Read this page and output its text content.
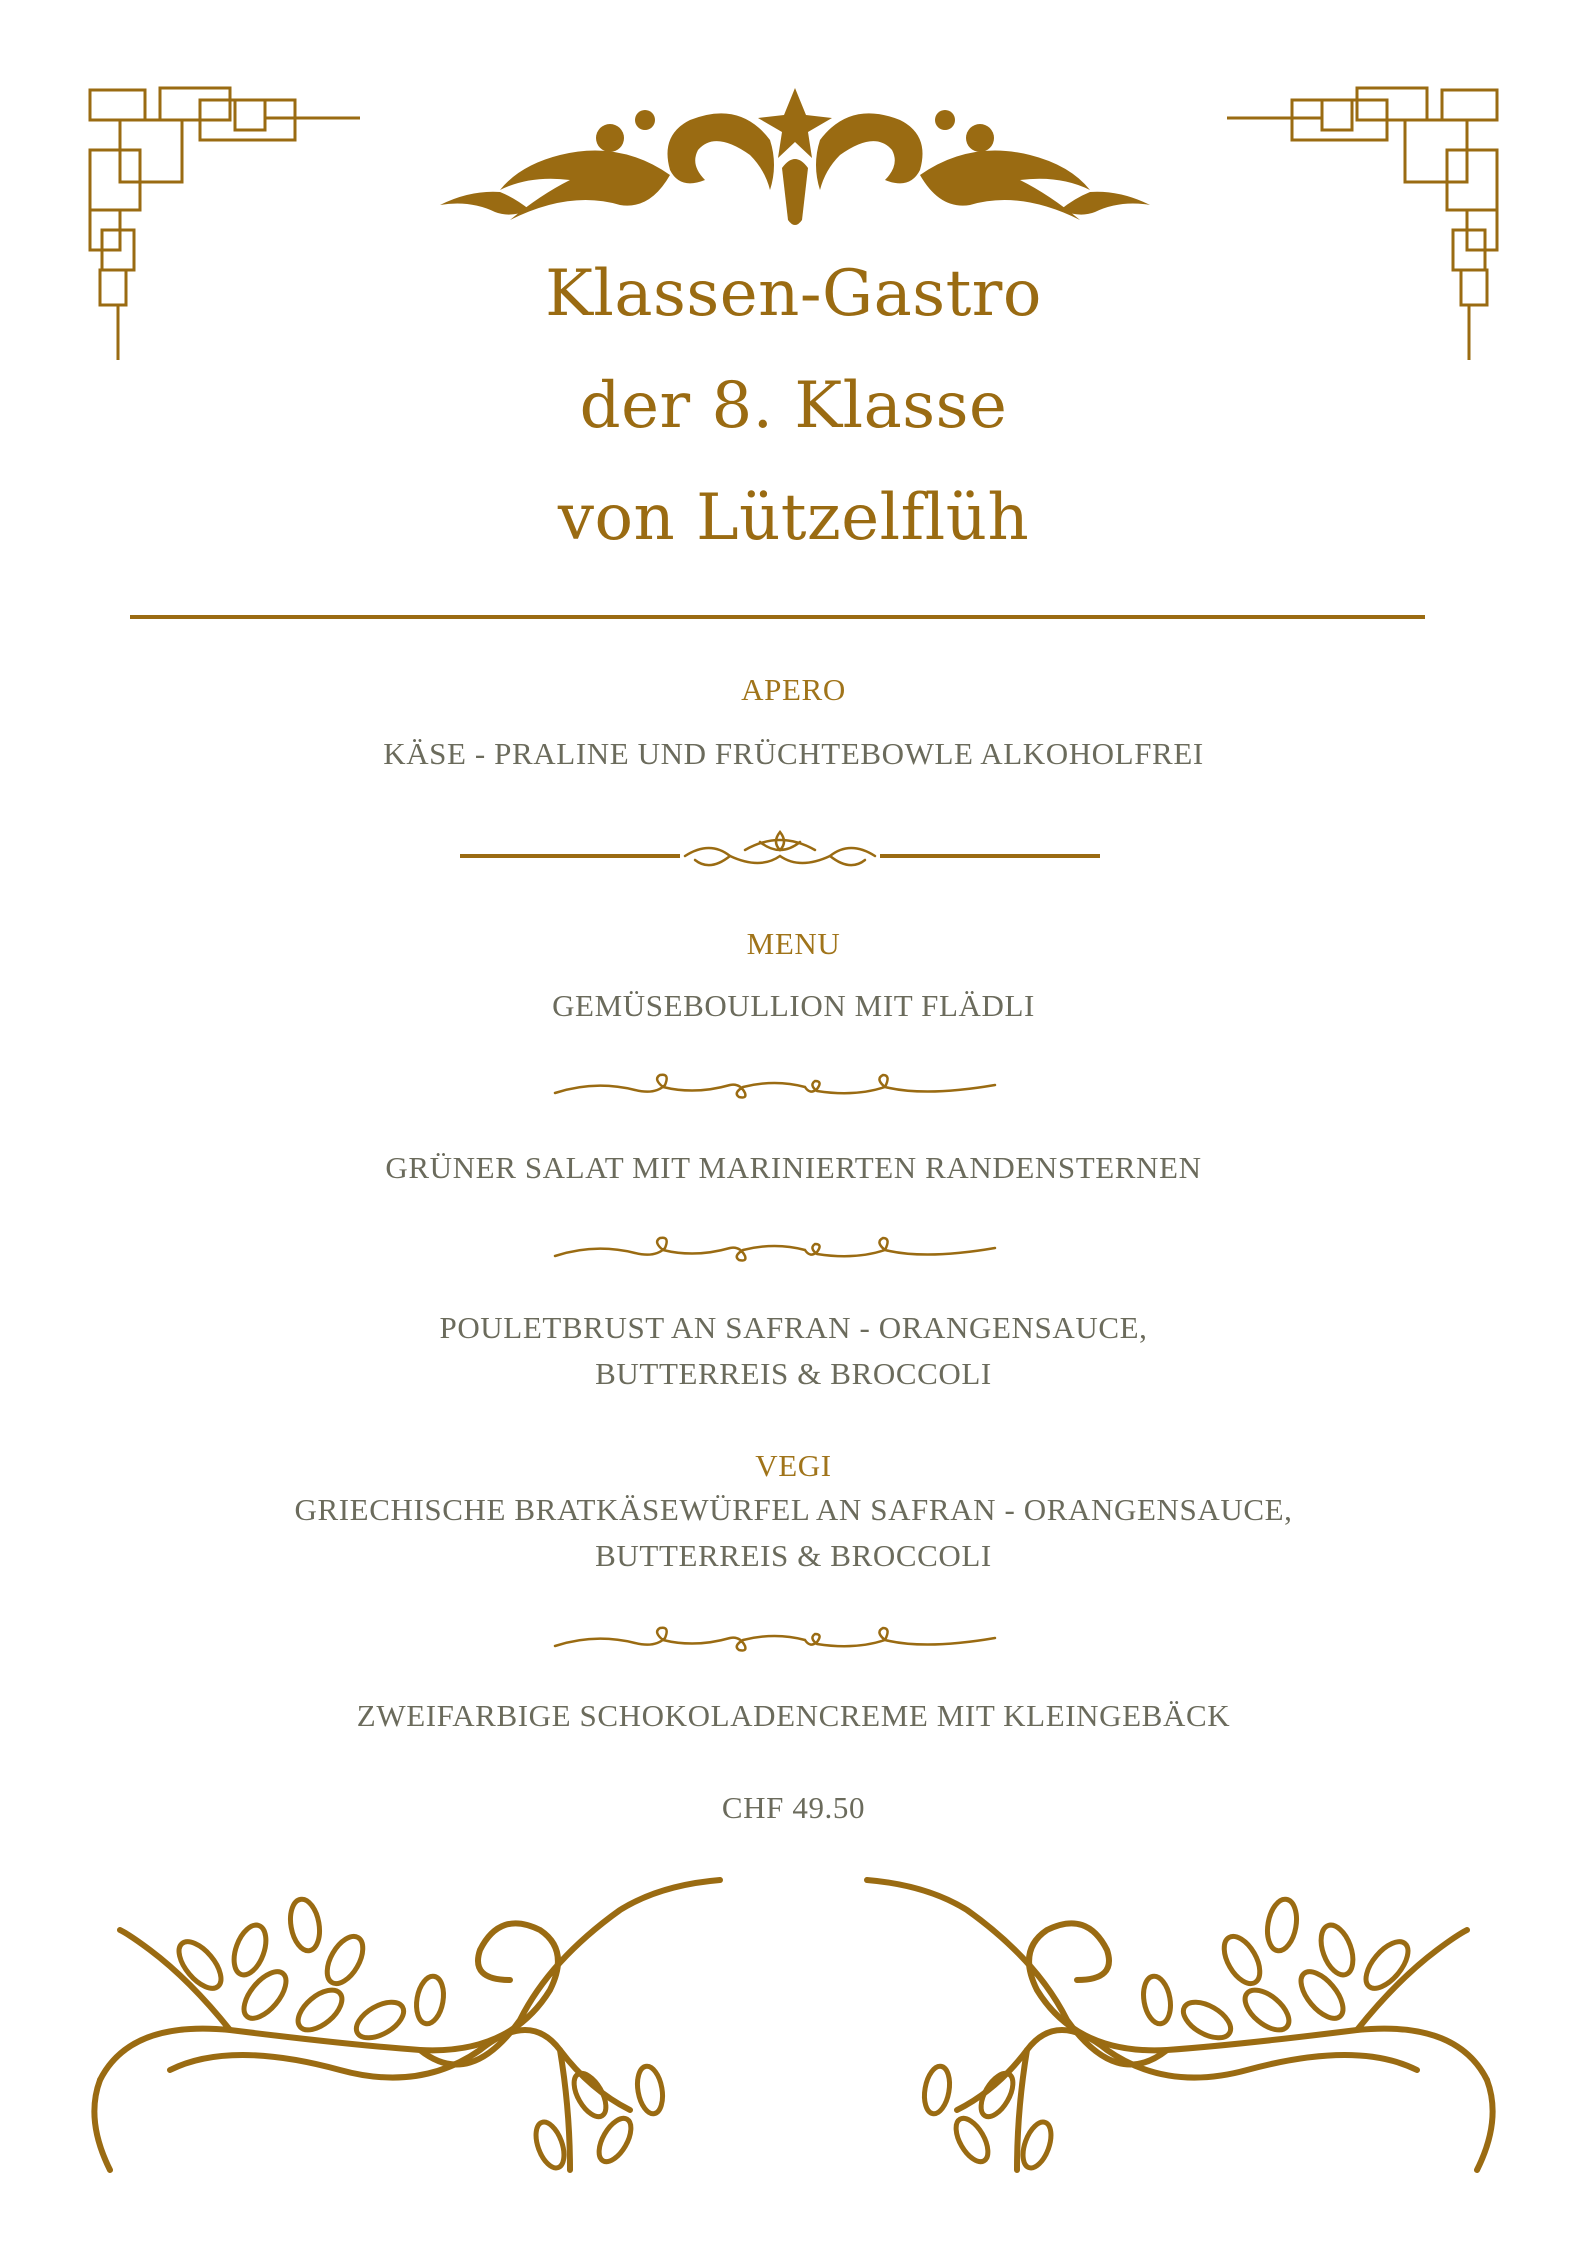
Klassen-Gastro
der 8. Klasse
von Lützelflüh
APERO
KÄSE - PRALINE UND FRÜCHTEBOWLE ALKOHOLFREI
MENU
GEMÜSEBOULLION MIT FLÄDLI
GRÜNER SALAT MIT MARINIERTEN RANDENSTERNEN
POULETBRUST AN SAFRAN - ORANGENSAUCE,
BUTTERREIS & BROCCOLI
VEGI
GRIECHISCHE BRATKÄSEWÜRFEL AN SAFRAN - ORANGENSAUCE,
BUTTERREIS & BROCCOLI
ZWEIFARBIGE SCHOKOLADENCREME MIT KLEINGEBÄCK
CHF 49.50
